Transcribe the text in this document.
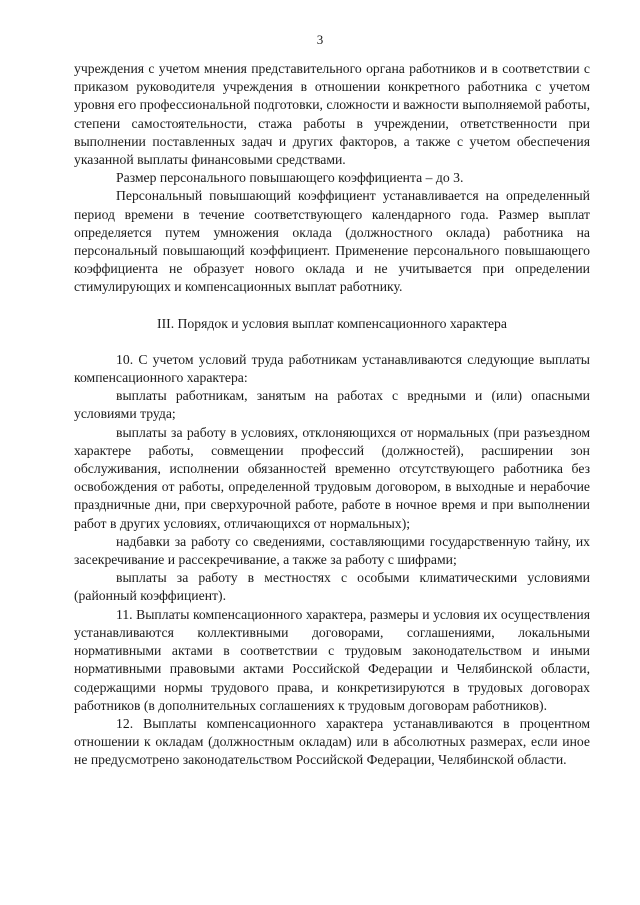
3

учреждения с учетом мнения представительного органа работников и в соответствии с приказом руководителя учреждения в отношении конкретного работника с учетом уровня его профессиональной подготовки, сложности и важности выполняемой работы, степени самостоятельности, стажа работы в учреждении, ответственности при выполнении поставленных задач и других факторов, а также с учетом обеспечения указанной выплаты финансовыми средствами.

Размер персонального повышающего коэффициента – до 3.

Персональный повышающий коэффициент устанавливается на определенный период времени в течение соответствующего календарного года. Размер выплат определяется путем умножения оклада (должностного оклада) работника на персональный повышающий коэффициент. Применение персонального повышающего коэффициента не образует нового оклада и не учитывается при определении стимулирующих и компенсационных выплат работнику.

III. Порядок и условия выплат компенсационного характера

10. С учетом условий труда работникам устанавливаются следующие выплаты компенсационного характера:

выплаты работникам, занятым на работах с вредными и (или) опасными условиями труда;

выплаты за работу в условиях, отклоняющихся от нормальных (при разъездном характере работы, совмещении профессий (должностей), расширении зон обслуживания, исполнении обязанностей временно отсутствующего работника без освобождения от работы, определенной трудовым договором, в выходные и нерабочие праздничные дни, при сверхурочной работе, работе в ночное время и при выполнении работ в других условиях, отличающихся от нормальных);

надбавки за работу со сведениями, составляющими государственную тайну, их засекречивание и рассекречивание, а также за работу с шифрами;

выплаты за работу в местностях с особыми климатическими условиями (районный коэффициент).

11. Выплаты компенсационного характера, размеры и условия их осуществления устанавливаются коллективными договорами, соглашениями, локальными нормативными актами в соответствии с трудовым законодательством и иными нормативными правовыми актами Российской Федерации и Челябинской области, содержащими нормы трудового права, и конкретизируются в трудовых договорах работников (в дополнительных соглашениях к трудовым договорам работников).

12. Выплаты компенсационного характера устанавливаются в процентном отношении к окладам (должностным окладам) или в абсолютных размерах, если иное не предусмотрено законодательством Российской Федерации, Челябинской области.
